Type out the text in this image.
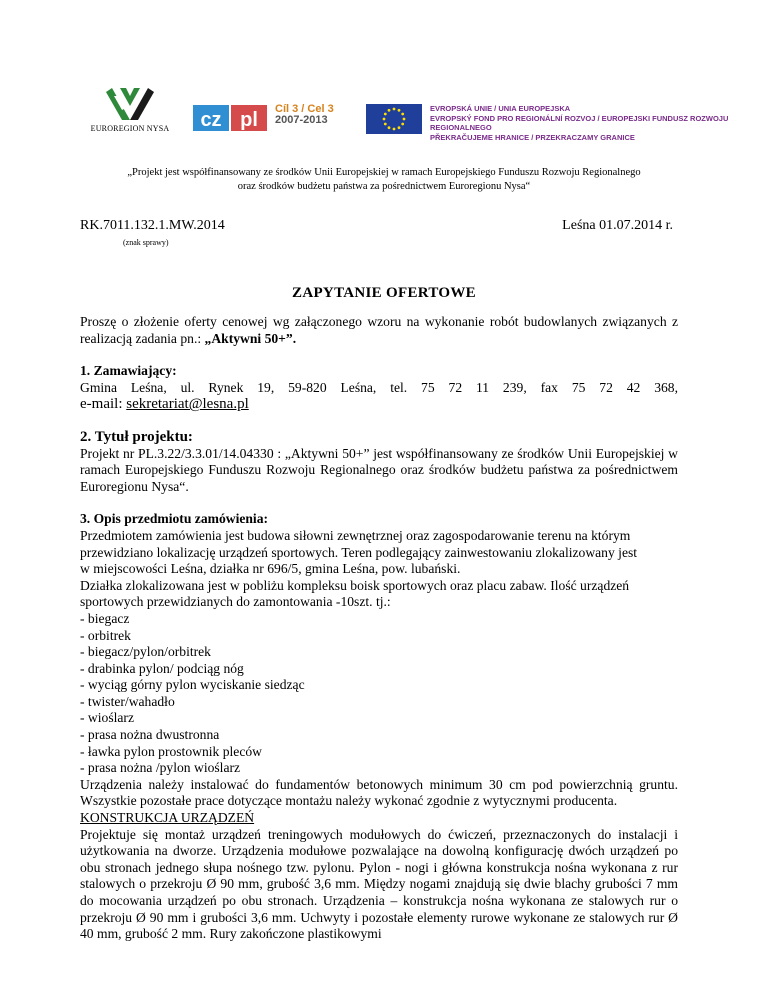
EUROREGION NYSA	cz pl Cíl 3 / Cel 3
2007-2013
EVROPSKÁ UNIE / UNIA EUROPEJSKA
EVROPSKÝ FOND PRO REGIONÁLNÍ ROZVOJ / EUROPEJSKI FUNDUSZ ROZWOJU REGIONALNEGO
PŘEKRAČUJEME HRANICE / PRZEKRACZAMY GRANICE
„Projekt jest współfinansowany ze środków Unii Europejskiej w ramach Europejskiego Funduszu Rozwoju Regionalnego
oraz środków budżetu państwa za pośrednictwem Euroregionu Nysa“
RK.7011.132.1.MW.2014
(znak sprawy)
Leśna 01.07.2014 r.
ZAPYTANIE OFERTOWE

Proszę o złożenie oferty cenowej wg załączonego wzoru na wykonanie robót budowlanych związanych z realizacją zadania pn.: „Aktywni 50+”.

1. Zamawiający:

Gmina Leśna, ul. Rynek 19, 59-820 Leśna, tel. 75 72 11 239, fax 75 72 42 368,

e-mail: sekretariat@lesna.pl

2. Tytuł projektu:

Projekt nr PL.3.22/3.3.01/14.04330 : „Aktywni 50+” jest współfinansowany ze środków Unii Europejskiej w ramach Europejskiego Funduszu Rozwoju Regionalnego oraz środków budżetu państwa za pośrednictwem Euroregionu Nysa“.

3. Opis przedmiotu zamówienia:

Przedmiotem zamówienia jest budowa siłowni zewnętrznej oraz zagospodarowanie terenu na którym

przewidziano lokalizację urządzeń sportowych. Teren podlegający zainwestowaniu zlokalizowany jest

w miejscowości Leśna, działka nr 696/5, gmina Leśna, pow. lubański.

Działka zlokalizowana jest w pobliżu kompleksu boisk sportowych oraz placu zabaw. Ilość urządzeń

sportowych przewidzianych do zamontowania -10szt. tj.:

- biegacz

- orbitrek

- biegacz/pylon/orbitrek

- drabinka pylon/ podciąg nóg

- wyciąg górny pylon wyciskanie siedząc

- twister/wahadło

- wioślarz

- prasa nożna dwustronna

- ławka pylon prostownik pleców

- prasa nożna /pylon wioślarz

Urządzenia należy instalować do fundamentów betonowych minimum 30 cm pod powierzchnią gruntu. Wszystkie pozostałe prace dotyczące montażu należy wykonać zgodnie z wytycznymi producenta.

KONSTRUKCJA URZĄDZEŃ

Projektuje się montaż urządzeń treningowych modułowych do ćwiczeń, przeznaczonych do instalacji i użytkowania na dworze. Urządzenia modułowe pozwalające na dowolną konfigurację dwóch urządzeń po obu stronach jednego słupa nośnego tzw. pylonu. Pylon - nogi i główna konstrukcja nośna wykonana z rur stalowych o przekroju Ø 90 mm, grubość 3,6 mm. Między nogami znajdują się dwie blachy grubości 7 mm do mocowania urządzeń po obu stronach. Urządzenia – konstrukcja nośna wykonana ze stalowych rur o przekroju Ø 90 mm i grubości 3,6 mm. Uchwyty i pozostałe elementy rurowe wykonane ze stalowych rur Ø 40 mm, grubość 2 mm. Rury zakończone plastikowymi
